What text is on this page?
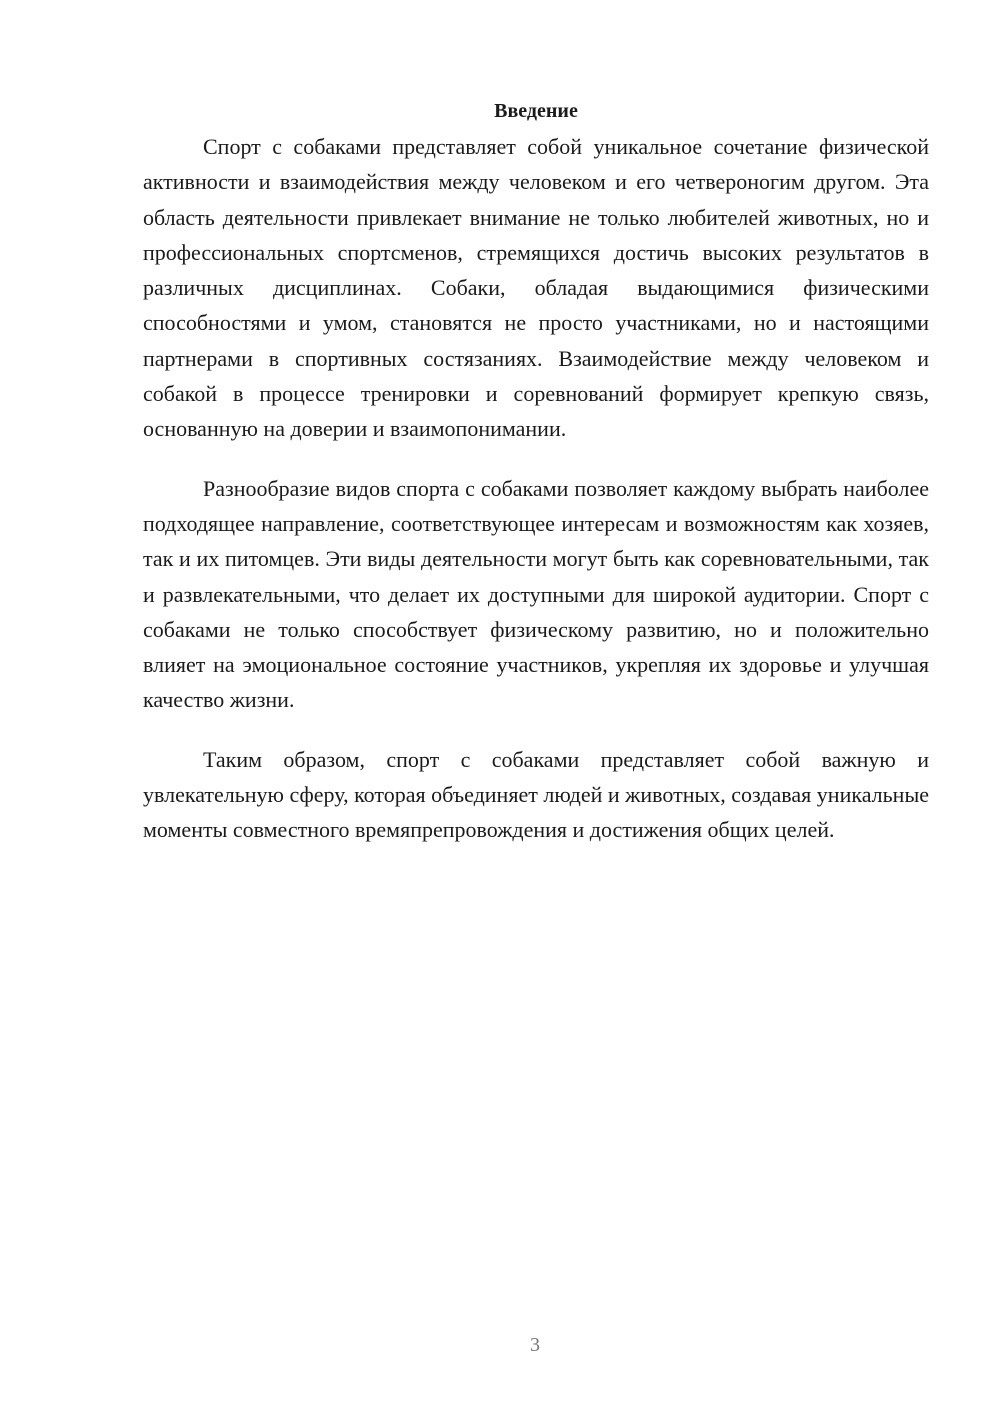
Введение

Спорт с собаками представляет собой уникальное сочетание физической активности и взаимодействия между человеком и его четвероногим другом. Эта область деятельности привлекает внимание не только любителей животных, но и профессиональных спортсменов, стремящихся достичь высоких результатов в различных дисциплинах. Собаки, обладая выдающимися физическими способностями и умом, становятся не просто участниками, но и настоящими партнерами в спортивных состязаниях. Взаимодействие между человеком и собакой в процессе тренировки и соревнований формирует крепкую связь, основанную на доверии и взаимопонимании.

Разнообразие видов спорта с собаками позволяет каждому выбрать наиболее подходящее направление, соответствующее интересам и возможностям как хозяев, так и их питомцев. Эти виды деятельности могут быть как соревновательными, так и развлекательными, что делает их доступными для широкой аудитории. Спорт с собаками не только способствует физическому развитию, но и положительно влияет на эмоциональное состояние участников, укрепляя их здоровье и улучшая качество жизни.

Таким образом, спорт с собаками представляет собой важную и увлекательную сферу, которая объединяет людей и животных, создавая уникальные моменты совместного времяпрепровождения и достижения общих целей.

3
